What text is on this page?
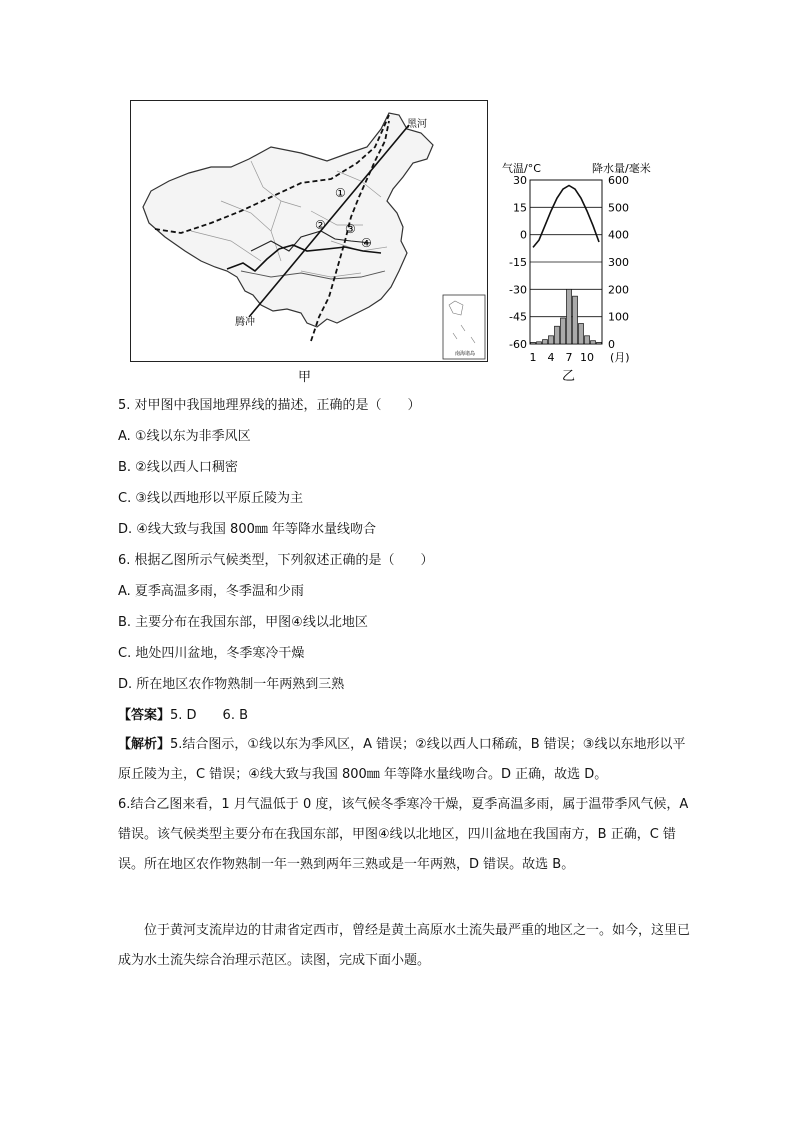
①
② ③
④
黑河
腾冲
南海诸岛
甲
气温/°C	降水量/毫米
30	600
15	500
0	400
-15	300
-30	200
-45	100
-60	0
1 4 7 10 (月)
乙
5. 对甲图中我国地理界线的描述，正确的是（　　）
A. ①线以东为非季风区
B. ②线以西人口稠密
C. ③线以西地形以平原丘陵为主
D. ④线大致与我国 800㎜ 年等降水量线吻合
6. 根据乙图所示气候类型，下列叙述正确的是（　　）
A. 夏季高温多雨，冬季温和少雨
B. 主要分布在我国东部，甲图④线以北地区
C. 地处四川盆地，冬季寒冷干燥
D. 所在地区农作物熟制一年两熟到三熟
【答案】5. D　　6. B

【解析】5.结合图示，①线以东为季风区，A 错误；②线以西人口稀疏，B 错误；③线以东地形以平原丘陵为主，C 错误；④线大致与我国 800㎜ 年等降水量线吻合。D 正确，故选 D。

6.结合乙图来看，1 月气温低于 0 度，该气候冬季寒冷干燥，夏季高温多雨，属于温带季风气候，A 错误。该气候类型主要分布在我国东部，甲图④线以北地区，四川盆地在我国南方，B 正确，C 错误。所在地区农作物熟制一年一熟到两年三熟或是一年两熟，D 错误。故选 B。

位于黄河支流岸边的甘肃省定西市，曾经是黄土高原水土流失最严重的地区之一。如今，这里已成为水土流失综合治理示范区。读图，完成下面小题。
